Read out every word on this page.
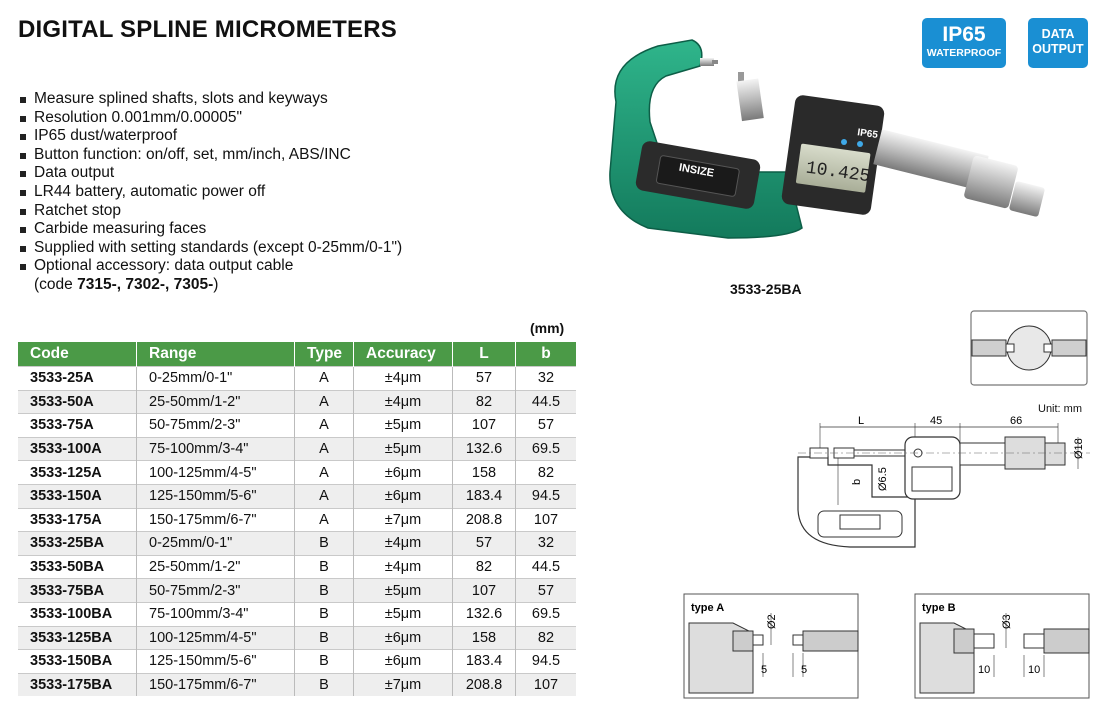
DIGITAL SPLINE MICROMETERS
Measure splined shafts, slots and keyways
Resolution 0.001mm/0.00005"
IP65 dust/waterproof
Button function: on/off, set, mm/inch, ABS/INC
Data output
LR44 battery, automatic power off
Ratchet stop
Carbide measuring faces
Supplied with setting standards (except 0-25mm/0-1")
Optional accessory: data output cable
(code 7315-, 7302-, 7305-)
IP65
WATERPROOF
DATA
OUTPUT
INSIZE	10.425
IP65
3533-25BA
(mm)
Code	Range	Type	Accuracy	L	b
3533-25A	0-25mm/0-1"	A	±4μm	57	32
3533-50A	25-50mm/1-2"	A	±4μm	82	44.5
3533-75A	50-75mm/2-3"	A	±5μm	107	57
3533-100A	75-100mm/3-4"	A	±5μm	132.6	69.5
3533-125A	100-125mm/4-5"	A	±6μm	158	82
3533-150A	125-150mm/5-6"	A	±6μm	183.4	94.5
3533-175A	150-175mm/6-7"	A	±7μm	208.8	107
3533-25BA	0-25mm/0-1"	B	±4μm	57	32
3533-50BA	25-50mm/1-2"	B	±4μm	82	44.5
3533-75BA	50-75mm/2-3"	B	±5μm	107	57
3533-100BA	75-100mm/3-4"	B	±5μm	132.6	69.5
3533-125BA	100-125mm/4-5"	B	±6μm	158	82
3533-150BA	125-150mm/5-6"	B	±6μm	183.4	94.5
3533-175BA	150-175mm/6-7"	B	±7μm	208.8	107
Unit: mm
L	45	66
Ø18
b Ø6.5
type A
Ø2
5	5
type B
Ø3
10	10
